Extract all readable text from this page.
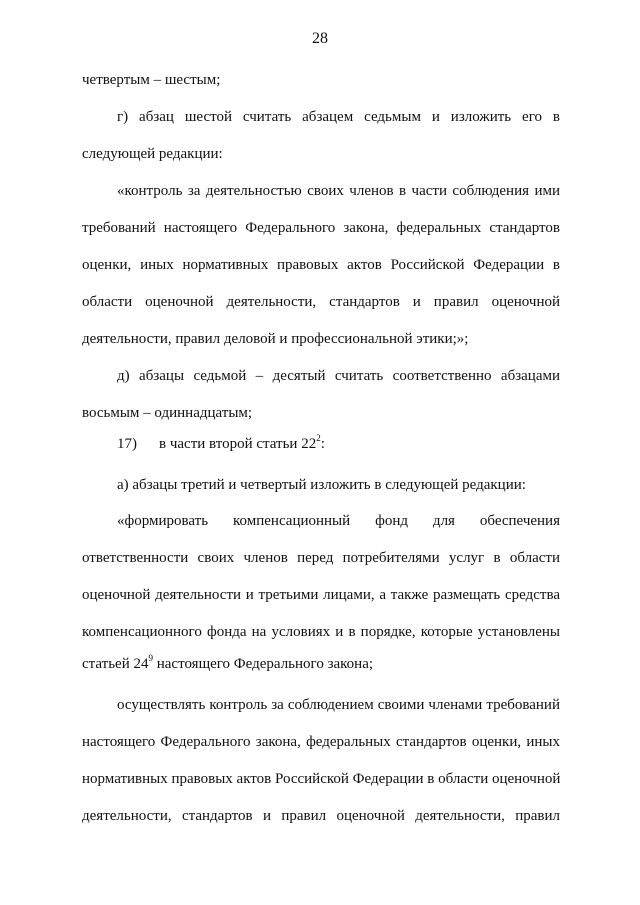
28
четвертым – шестым;
г) абзац шестой считать абзацем седьмым и изложить его в
следующей редакции:
«контроль за деятельностью своих членов в части соблюдения ими
требований настоящего Федерального закона, федеральных стандартов
оценки, иных нормативных правовых актов Российской Федерации в
области оценочной деятельности, стандартов и правил оценочной
деятельности, правил деловой и профессиональной этики;»;
д) абзацы седьмой – десятый считать соответственно абзацами
восьмым – одиннадцатым;
17) в части второй статьи $22^2$:
а) абзацы третий и четвертый изложить в следующей редакции:
«формировать компенсационный фонд для обеспечения
ответственности своих членов перед потребителями услуг в области
оценочной деятельности и третьими лицами, а также размещать средства
компенсационного фонда на условиях и в порядке, которые установлены
статьей $24^9$ настоящего Федерального закона;
осуществлять контроль за соблюдением своими членами требований
настоящего Федерального закона, федеральных стандартов оценки, иных
нормативных правовых актов Российской Федерации в области оценочной
деятельности, стандартов и правил оценочной деятельности, правил
